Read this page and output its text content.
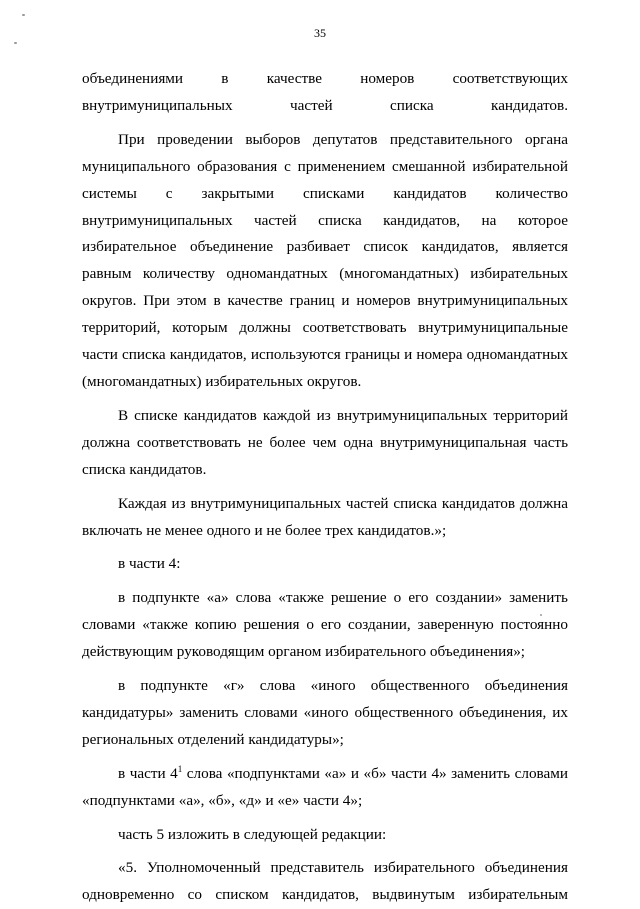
35

объединениями в качестве номеров соответствующих внутримуниципальных частей списка кандидатов.

При проведении выборов депутатов представительного органа муниципального образования с применением смешанной избирательной системы с закрытыми списками кандидатов количество внутримуниципальных частей списка кандидатов, на которое избирательное объединение разбивает список кандидатов, является равным количеству одномандатных (многомандатных) избирательных округов. При этом в качестве границ и номеров внутримуниципальных территорий, которым должны соответствовать внутримуниципальные части списка кандидатов, используются границы и номера одномандатных (многомандатных) избирательных округов.

В списке кандидатов каждой из внутримуниципальных территорий должна соответствовать не более чем одна внутримуниципальная часть списка кандидатов.

Каждая из внутримуниципальных частей списка кандидатов должна включать не менее одного и не более трех кандидатов.»;

в части 4:

в подпункте «а» слова «также решение о его создании» заменить словами «также копию решения о его создании, заверенную постоянно действующим руководящим органом избирательного объединения»;

в подпункте «г» слова «иного общественного объединения кандидатуры» заменить словами «иного общественного объединения, их региональных отделений кандидатуры»;

в части $4^1$ слова «подпунктами «а» и «б» части 4» заменить словами «подпунктами «а», «б», «д» и «е» части 4»;

часть 5 изложить в следующей редакции:

«5. Уполномоченный представитель избирательного объединения одновременно со списком кандидатов, выдвинутым избирательным
